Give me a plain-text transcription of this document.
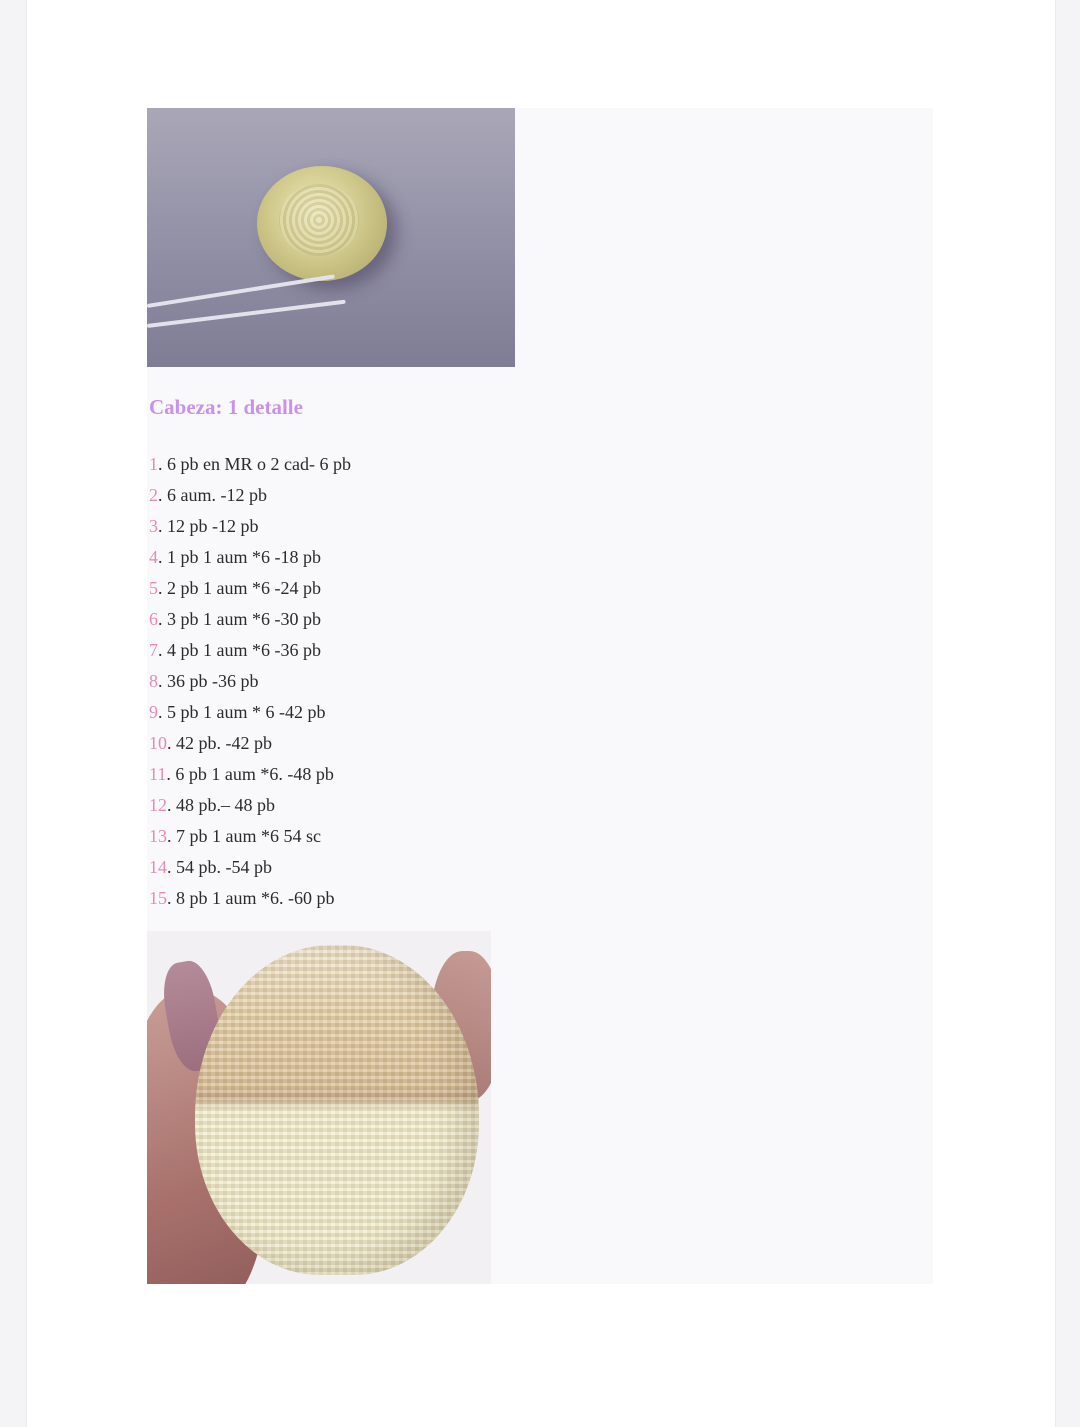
Cabeza: 1 detalle
1. 6 pb en MR o 2 cad- 6 pb
2. 6 aum. -12 pb
3. 12 pb -12 pb
4. 1 pb 1 aum *6 -18 pb
5. 2 pb 1 aum *6 -24 pb
6. 3 pb 1 aum *6 -30 pb
7. 4 pb 1 aum *6 -36 pb
8. 36 pb -36 pb
9. 5 pb 1 aum * 6 -42 pb
10. 42 pb. -42 pb
11. 6 pb 1 aum *6. -48 pb
12. 48 pb.– 48 pb
13. 7 pb 1 aum *6 54 sc
14. 54 pb. -54 pb
15. 8 pb 1 aum *6. -60 pb
